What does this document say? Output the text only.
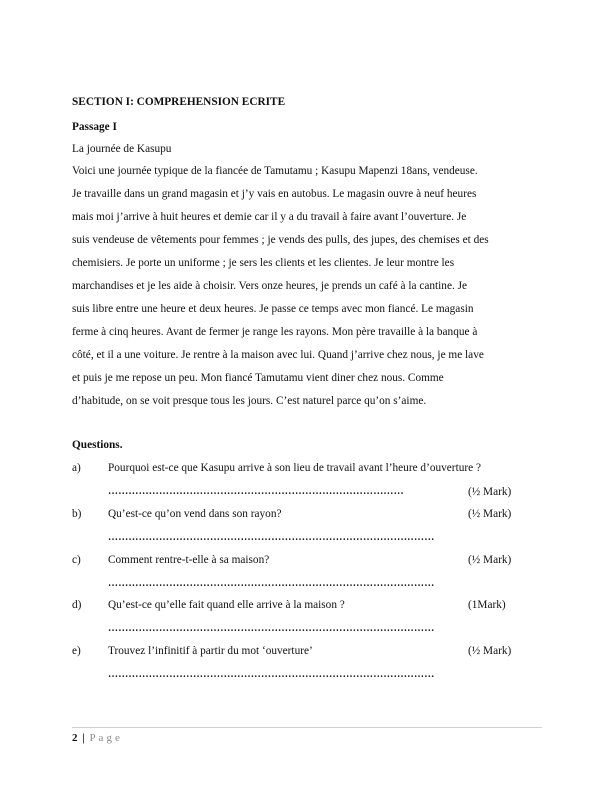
SECTION I: COMPREHENSION ECRITE
Passage I
La journée de Kasupu
Voici une journée typique de la fiancée de Tamutamu ; Kasupu Mapenzi 18ans, vendeuse.
Je travaille dans un grand magasin et j’y vais en autobus. Le magasin ouvre à neuf heures
mais moi j’arrive à huit heures et demie car il y a du travail à faire avant l’ouverture. Je
suis vendeuse de vêtements pour femmes ; je vends des pulls, des jupes, des chemises et des
chemisiers. Je porte un uniforme ; je sers les clients et les clientes. Je leur montre les
marchandises et je les aide à choisir. Vers onze heures, je prends un café à la cantine. Je
suis libre entre une heure et deux heures. Je passe ce temps avec mon fiancé. Le magasin
ferme à cinq heures. Avant de fermer je range les rayons. Mon père travaille à la banque à
côté, et il a une voiture. Je rentre à la maison avec lui. Quand j’arrive chez nous, je me lave
et puis je me repose un peu. Mon fiancé Tamutamu vient diner chez nous. Comme
d’habitude, on se voit presque tous les jours. C’est naturel parce qu’on s’aime.
Questions.
a) Pourquoi est-ce que Kasupu arrive à son lieu de travail avant l’heure d’ouverture ?
……………………………………………………………………………	(½ Mark)
b) Qu’est-ce qu’on vend dans son rayon?	(½ Mark)
……………………………………………………………………………………
c) Comment rentre-t-elle à sa maison?	(½ Mark)
……………………………………………………………………………………
d) Qu’est-ce qu’elle fait quand elle arrive à la maison ?	(1Mark)
……………………………………………………………………………………
e) Trouvez l’infinitif à partir du mot ‘ouverture’	(½ Mark)
……………………………………………………………………………………
2 | Page
